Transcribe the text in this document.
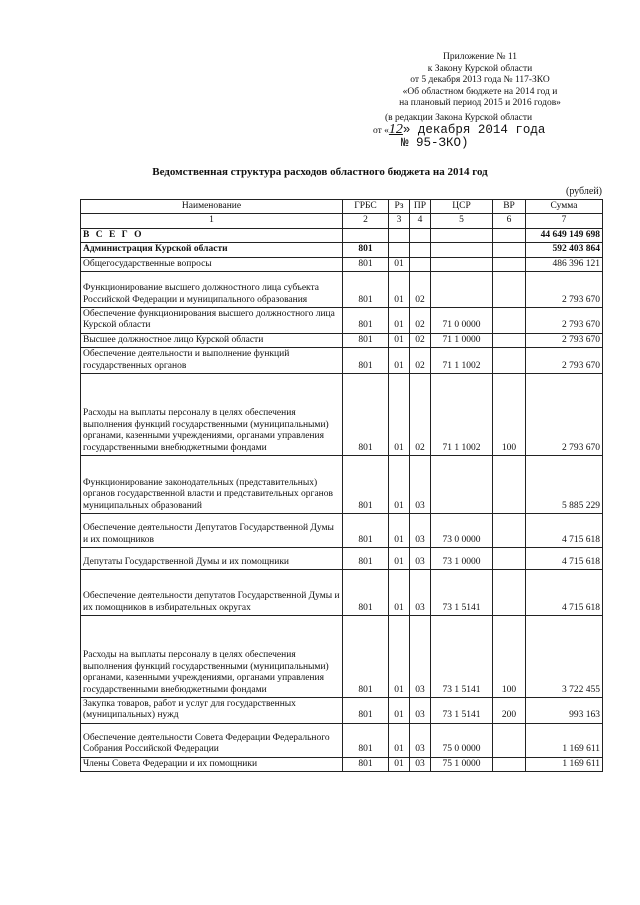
Приложение № 11
к Закону Курской области
от 5 декабря 2013 года № 117-ЗКО
«Об областном бюджете на 2014 год и
на плановый период 2015 и 2016 годов»
(в редакции Закона Курской области
от «12» декабря 2014 года
№ 95-ЗКО)
Ведомственная структура расходов областного бюджета на 2014 год
(рублей)
Наименование	ГРБС	Рз	ПР	ЦСР	ВР	Сумма
1	2	3	4	5	6	7
В С Е Г О						44 649 149 698
Администрация Курской области	801					592 403 864
Общегосударственные вопросы	801	01				486 396 121
Функционирование высшего должностного лица субъекта Российской Федерации и муниципального образования	801	01	02			2 793 670
Обеспечение функционирования высшего должностного лица Курской области	801	01	02	71 0 0000		2 793 670
Высшее должностное лицо Курской области	801	01	02	71 1 0000		2 793 670
Обеспечение деятельности и выполнение функций государственных органов	801	01	02	71 1 1002		2 793 670
Расходы на выплаты персоналу в целях обеспечения выполнения функций государственными (муниципальными) органами, казенными учреждениями, органами управления государственными внебюджетными фондами	801	01	02	71 1 1002	100	2 793 670
Функционирование законодательных (представительных) органов государственной власти и представительных органов муниципальных образований	801	01	03			5 885 229
Обеспечение деятельности Депутатов Государственной Думы и их помощников	801	01	03	73 0 0000		4 715 618
Депутаты Государственной Думы и их помощники	801	01	03	73 1 0000		4 715 618
Обеспечение деятельности депутатов Государственной Думы и их помощников в избирательных округах	801	01	03	73 1 5141		4 715 618
Расходы на выплаты персоналу в целях обеспечения выполнения функций государственными (муниципальными) органами, казенными учреждениями, органами управления государственными внебюджетными фондами	801	01	03	73 1 5141	100	3 722 455
Закупка товаров, работ и услуг для государственных (муниципальных) нужд	801	01	03	73 1 5141	200	993 163
Обеспечение деятельности Совета Федерации Федерального Собрания Российской Федерации	801	01	03	75 0 0000		1 169 611
Члены Совета Федерации и их помощники	801	01	03	75 1 0000		1 169 611
